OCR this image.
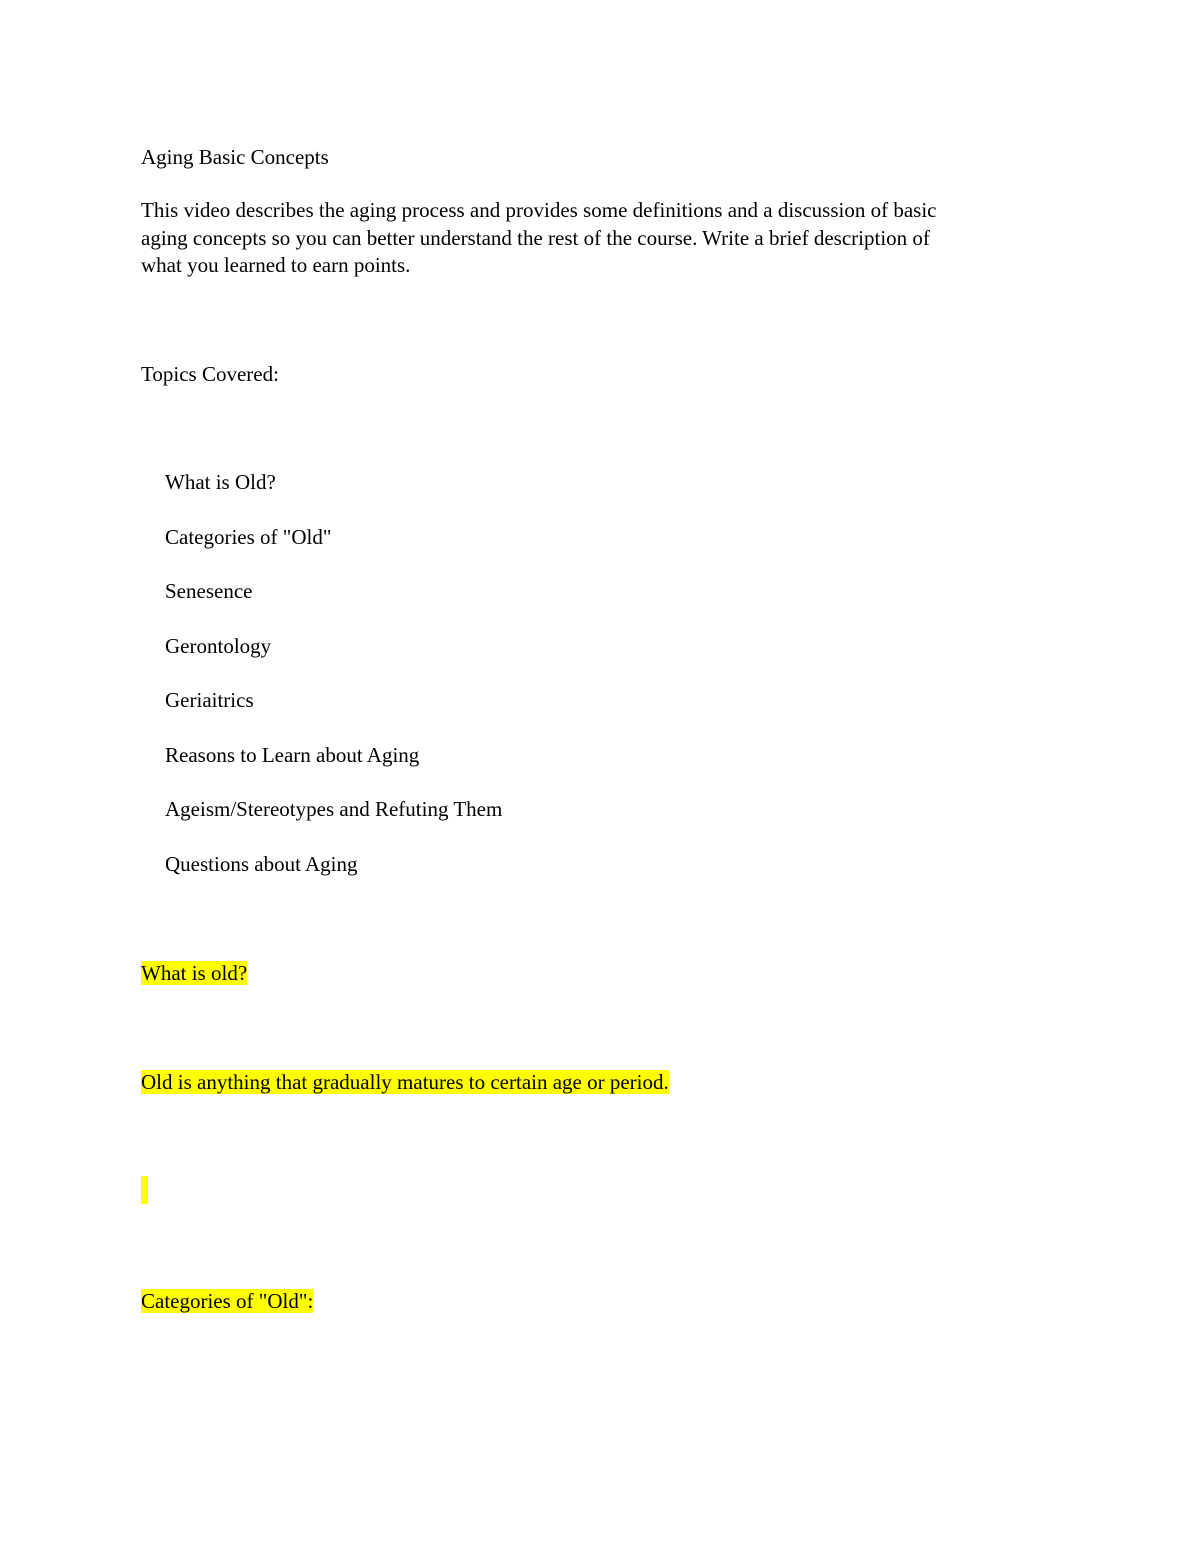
Aging Basic Concepts
This video describes the aging process and provides some definitions and a discussion of basic
aging concepts so you can better understand the rest of the course. Write a brief description of
what you learned to earn points.
Topics Covered:
What is Old?
Categories of "Old"
Senesence
Gerontology
Geriaitrics
Reasons to Learn about Aging
Ageism/Stereotypes and Refuting Them
Questions about Aging
What is old?
Old is anything that gradually matures to certain age or period.
Categories of "Old":
